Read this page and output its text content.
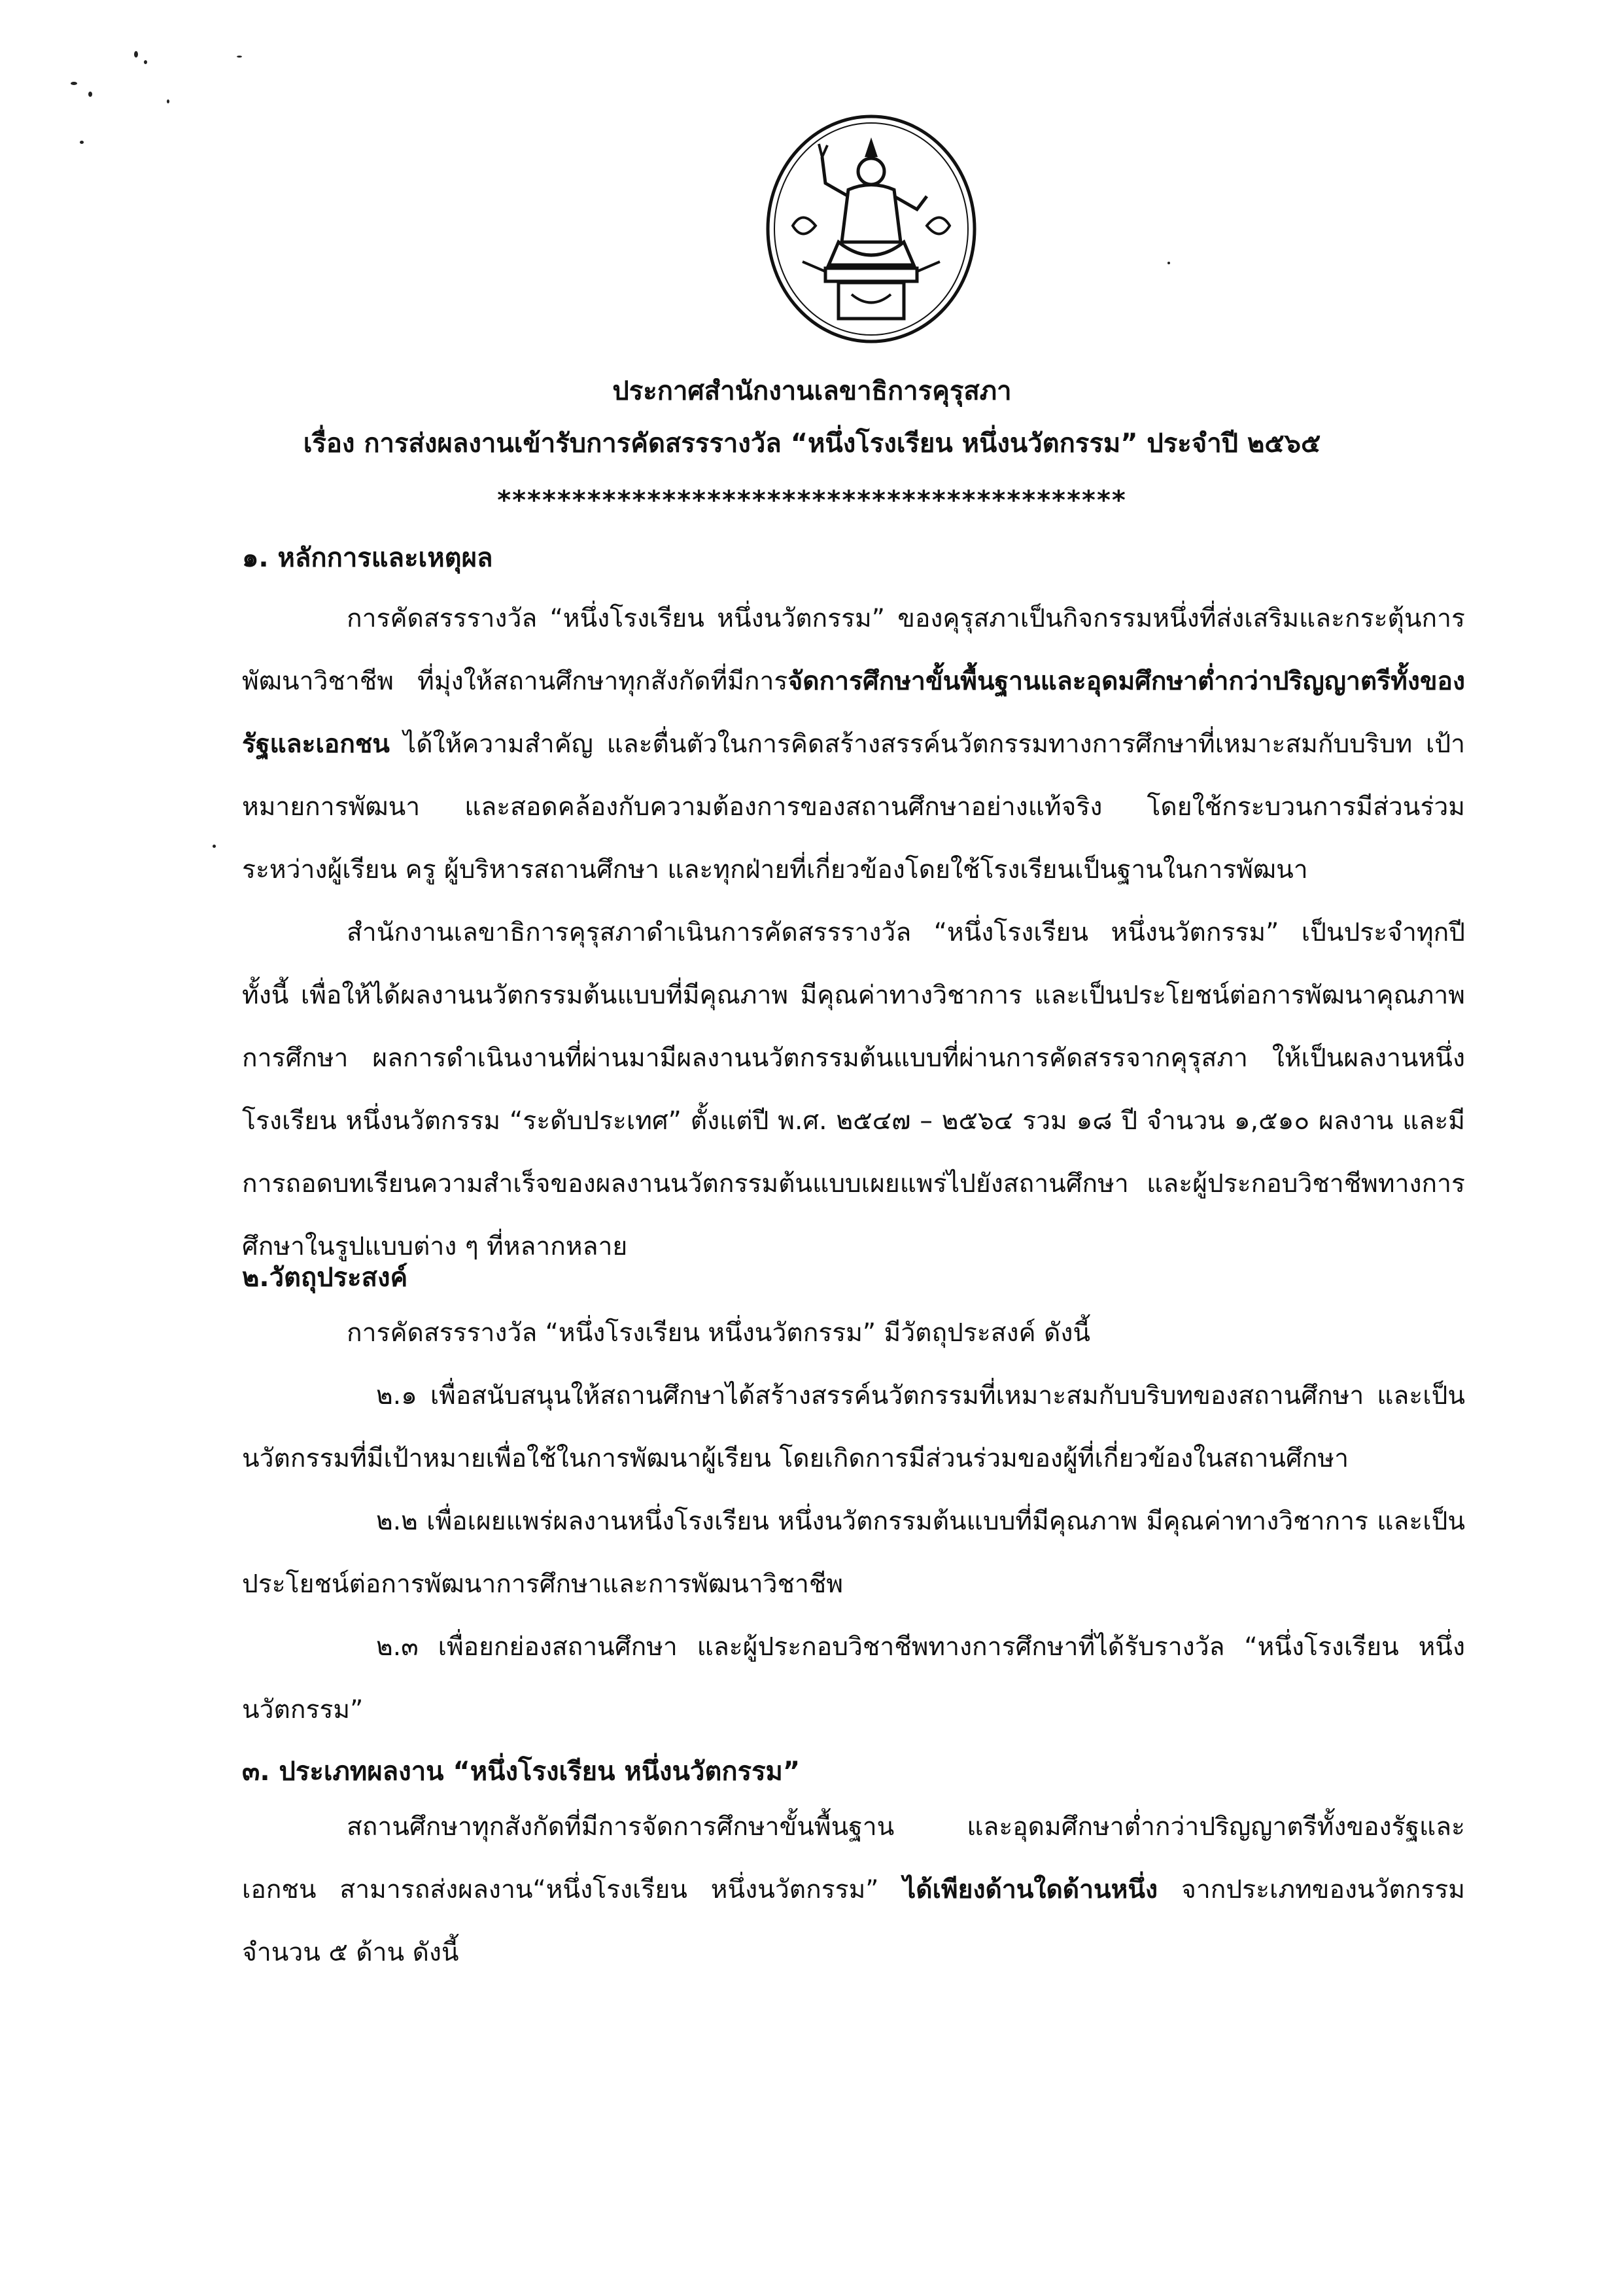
ประกาศสำนักงานเลขาธิการคุรุสภา
เรื่อง การส่งผลงานเข้ารับการคัดสรรรางวัล “หนึ่งโรงเรียน หนึ่งนวัตกรรม” ประจำปี ๒๕๖๕
******************************************
๑. หลักการและเหตุผล
การคัดสรรรางวัล “หนึ่งโรงเรียน หนึ่งนวัตกรรม” ของคุรุสภาเป็นกิจกรรมหนึ่งที่ส่งเสริมและกระตุ้นการพัฒนาวิชาชีพ ที่มุ่งให้สถานศึกษาทุกสังกัดที่มีการจัดการศึกษาขั้นพื้นฐานและอุดมศึกษาต่ำกว่าปริญญาตรีทั้งของรัฐและเอกชน ได้ให้ความสำคัญ และตื่นตัวในการคิดสร้างสรรค์นวัตกรรมทางการศึกษาที่เหมาะสมกับบริบท เป้าหมายการพัฒนา และสอดคล้องกับความต้องการของสถานศึกษาอย่างแท้จริง โดยใช้กระบวนการมีส่วนร่วมระหว่างผู้เรียน ครู ผู้บริหารสถานศึกษา และทุกฝ่ายที่เกี่ยวข้องโดยใช้โรงเรียนเป็นฐานในการพัฒนา
สำนักงานเลขาธิการคุรุสภาดำเนินการคัดสรรรางวัล “หนึ่งโรงเรียน หนึ่งนวัตกรรม” เป็นประจำทุกปี ทั้งนี้ เพื่อให้ได้ผลงานนวัตกรรมต้นแบบที่มีคุณภาพ มีคุณค่าทางวิชาการ และเป็นประโยชน์ต่อการพัฒนาคุณภาพการศึกษา ผลการดำเนินงานที่ผ่านมามีผลงานนวัตกรรมต้นแบบที่ผ่านการคัดสรรจากคุรุสภา ให้เป็นผลงานหนึ่งโรงเรียน หนึ่งนวัตกรรม “ระดับประเทศ” ตั้งแต่ปี พ.ศ. ๒๕๔๗ – ๒๕๖๔ รวม ๑๘ ปี จำนวน ๑,๕๑๐ ผลงาน และมีการถอดบทเรียนความสำเร็จของผลงานนวัตกรรมต้นแบบเผยแพร่ไปยังสถานศึกษา และผู้ประกอบวิชาชีพทางการศึกษาในรูปแบบต่าง ๆ ที่หลากหลาย
๒.วัตถุประสงค์
การคัดสรรรางวัล “หนึ่งโรงเรียน หนึ่งนวัตกรรม” มีวัตถุประสงค์ ดังนี้
๒.๑ เพื่อสนับสนุนให้สถานศึกษาได้สร้างสรรค์นวัตกรรมที่เหมาะสมกับบริบทของสถานศึกษา และเป็นนวัตกรรมที่มีเป้าหมายเพื่อใช้ในการพัฒนาผู้เรียน โดยเกิดการมีส่วนร่วมของผู้ที่เกี่ยวข้องในสถานศึกษา
๒.๒ เพื่อเผยแพร่ผลงานหนึ่งโรงเรียน หนึ่งนวัตกรรมต้นแบบที่มีคุณภาพ มีคุณค่าทางวิชาการ และเป็นประโยชน์ต่อการพัฒนาการศึกษาและการพัฒนาวิชาชีพ
๒.๓ เพื่อยกย่องสถานศึกษา และผู้ประกอบวิชาชีพทางการศึกษาที่ได้รับรางวัล “หนึ่งโรงเรียน หนึ่งนวัตกรรม”
๓. ประเภทผลงาน “หนึ่งโรงเรียน หนึ่งนวัตกรรม”
สถานศึกษาทุกสังกัดที่มีการจัดการศึกษาขั้นพื้นฐาน และอุดมศึกษาต่ำกว่าปริญญาตรีทั้งของรัฐและเอกชน สามารถส่งผลงาน“หนึ่งโรงเรียน หนึ่งนวัตกรรม” ได้เพียงด้านใดด้านหนึ่ง จากประเภทของนวัตกรรม จำนวน ๕ ด้าน ดังนี้
